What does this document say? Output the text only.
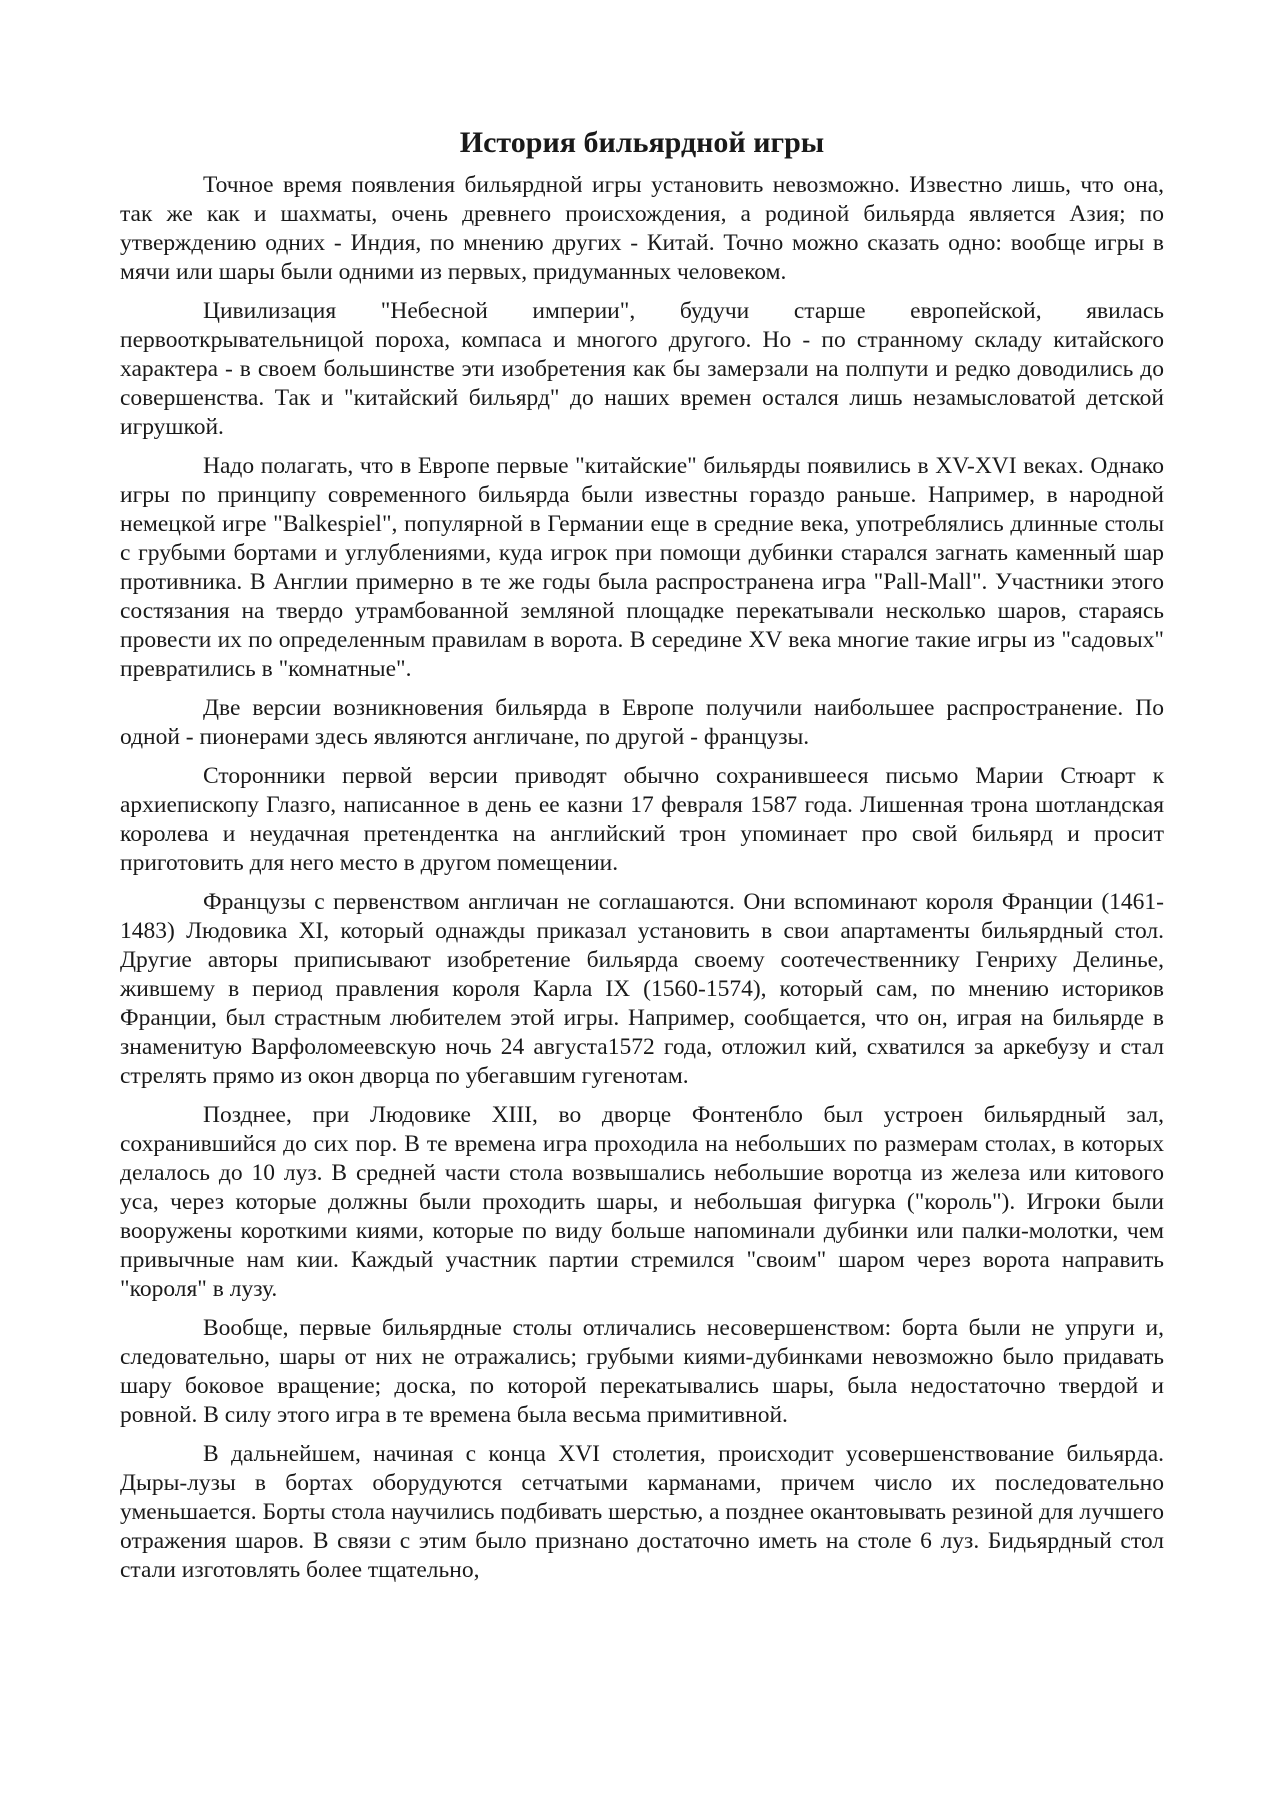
История бильярдной игры

Точное время появления бильярдной игры установить невозможно. Известно лишь, что она, так же как и шахматы, очень древнего происхождения, а родиной бильярда является Азия; по утверждению одних - Индия, по мнению других - Китай. Точно можно сказать одно: вообще игры в мячи или шары были одними из первых, придуманных человеком.

Цивилизация "Небесной империи", будучи старше европейской, явилась первооткрывательницой пороха, компаса и многого другого. Но - по странному складу китайского характера - в своем большинстве эти изобретения как бы замерзали на полпути и редко доводились до совершенства. Так и "китайский бильярд" до наших времен остался лишь незамысловатой детской игрушкой.

Надо полагать, что в Европе первые "китайские" бильярды появились в XV-XVI веках. Однако игры по принципу современного бильярда были известны гораздо раньше. Например, в народной немецкой игре "Balkespiel", популярной в Германии еще в средние века, употреблялись длинные столы с грубыми бортами и углублениями, куда игрок при помощи дубинки старался загнать каменный шар противника. В Англии примерно в те же годы была распространена игра "Pall-Mall". Участники этого состязания на твердо утрамбованной земляной площадке перекатывали несколько шаров, стараясь провести их по определенным правилам в ворота. В середине XV века многие такие игры из "садовых" превратились в "комнатные".

Две версии возникновения бильярда в Европе получили наибольшее распространение. По одной - пионерами здесь являются англичане, по другой - французы.

Сторонники первой версии приводят обычно сохранившееся письмо Марии Стюарт к архиепископу Глазго, написанное в день ее казни 17 февраля 1587 года. Лишенная трона шотландская королева и неудачная претендентка на английский трон упоминает про свой бильярд и просит приготовить для него место в другом помещении.

Французы с первенством англичан не соглашаются. Они вспоминают короля Франции (1461-1483) Людовика XI, который однажды приказал установить в свои апартаменты бильярдный стол. Другие авторы приписывают изобретение бильярда своему соотечественнику Генриху Делинье, жившему в период правления короля Карла IX (1560-1574), который сам, по мнению историков Франции, был страстным любителем этой игры. Например, сообщается, что он, играя на бильярде в знаменитую Варфоломеевскую ночь 24 августа1572 года, отложил кий, схватился за аркебузу и стал стрелять прямо из окон дворца по убегавшим гугенотам.

Позднее, при Людовике XIII, во дворце Фонтенбло был устроен бильярдный зал, сохранившийся до сих пор. В те времена игра проходила на небольших по размерам столах, в которых делалось до 10 луз. В средней части стола возвышались небольшие воротца из железа или китового уса, через которые должны были проходить шары, и небольшая фигурка ("король"). Игроки были вооружены короткими киями, которые по виду больше напоминали дубинки или палки-молотки, чем привычные нам кии. Каждый участник партии стремился "своим" шаром через ворота направить "короля" в лузу.

Вообще, первые бильярдные столы отличались несовершенством: борта были не упруги и, следовательно, шары от них не отражались; грубыми киями-дубинками невозможно было придавать шару боковое вращение; доска, по которой перекатывались шары, была недостаточно твердой и ровной. В силу этого игра в те времена была весьма примитивной.

В дальнейшем, начиная с конца XVI столетия, происходит усовершенствование бильярда. Дыры-лузы в бортах оборудуются сетчатыми карманами, причем число их последовательно уменьшается. Борты стола научились подбивать шерстью, а позднее окантовывать резиной для лучшего отражения шаров. В связи с этим было признано достаточно иметь на столе 6 луз. Бидьярдный стол стали изготовлять более тщательно,
